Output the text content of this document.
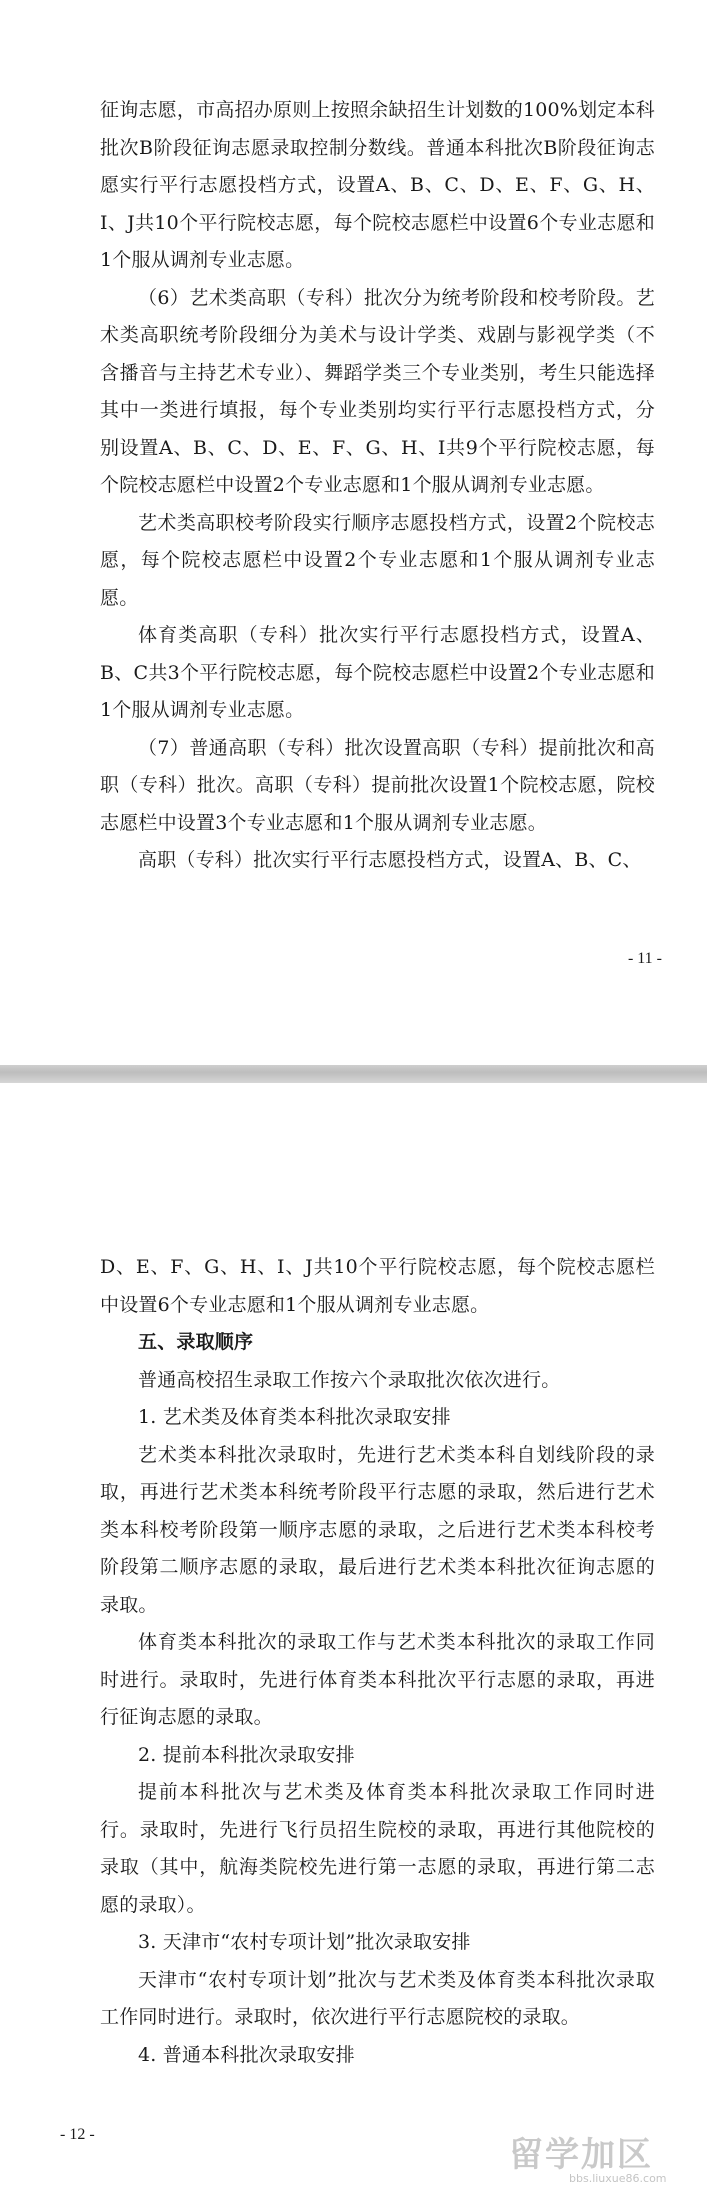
征询志愿，市高招办原则上按照余缺招生计划数的100%划定本科批次B阶段征询志愿录取控制分数线。普通本科批次B阶段征询志愿实行平行志愿投档方式，设置A、B、C、D、E、F、G、H、I、J共10个平行院校志愿，每个院校志愿栏中设置6个专业志愿和1个服从调剂专业志愿。

（6）艺术类高职（专科）批次分为统考阶段和校考阶段。艺术类高职统考阶段细分为美术与设计学类、戏剧与影视学类（不含播音与主持艺术专业）、舞蹈学类三个专业类别，考生只能选择其中一类进行填报，每个专业类别均实行平行志愿投档方式，分别设置A、B、C、D、E、F、G、H、I共9个平行院校志愿，每个院校志愿栏中设置2个专业志愿和1个服从调剂专业志愿。

艺术类高职校考阶段实行顺序志愿投档方式，设置2个院校志愿，每个院校志愿栏中设置2个专业志愿和1个服从调剂专业志愿。

体育类高职（专科）批次实行平行志愿投档方式，设置A、B、C共3个平行院校志愿，每个院校志愿栏中设置2个专业志愿和1个服从调剂专业志愿。

（7）普通高职（专科）批次设置高职（专科）提前批次和高职（专科）批次。高职（专科）提前批次设置1个院校志愿，院校志愿栏中设置3个专业志愿和1个服从调剂专业志愿。

高职（专科）批次实行平行志愿投档方式，设置A、B、C、

- 11 -

D、E、F、G、H、I、J共10个平行院校志愿，每个院校志愿栏中设置6个专业志愿和1个服从调剂专业志愿。

五、录取顺序

普通高校招生录取工作按六个录取批次依次进行。

1. 艺术类及体育类本科批次录取安排

艺术类本科批次录取时，先进行艺术类本科自划线阶段的录取，再进行艺术类本科统考阶段平行志愿的录取，然后进行艺术类本科校考阶段第一顺序志愿的录取，之后进行艺术类本科校考阶段第二顺序志愿的录取，最后进行艺术类本科批次征询志愿的录取。

体育类本科批次的录取工作与艺术类本科批次的录取工作同时进行。录取时，先进行体育类本科批次平行志愿的录取，再进行征询志愿的录取。

2. 提前本科批次录取安排

提前本科批次与艺术类及体育类本科批次录取工作同时进行。录取时，先进行飞行员招生院校的录取，再进行其他院校的录取（其中，航海类院校先进行第一志愿的录取，再进行第二志愿的录取）。

3. 天津市“农村专项计划”批次录取安排

天津市“农村专项计划”批次与艺术类及体育类本科批次录取工作同时进行。录取时，依次进行平行志愿院校的录取。

4. 普通本科批次录取安排

- 12 -
留学加区
bbs.liuxue86.com
